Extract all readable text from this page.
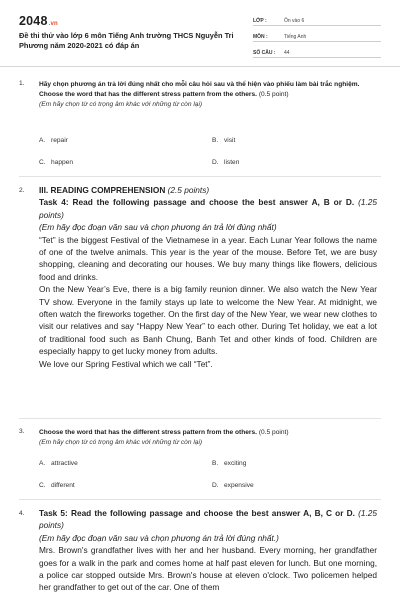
2048.vn
Đề thi thử vào lớp 6 môn Tiếng Anh trường THCS Nguyễn Tri Phương năm 2020-2021 có đáp án
LỚP :	Ôn vào 6
MÔN :	Tiếng Anh
SỐ CÂU :	44
1.	Hãy chọn phương án trả lời đúng nhất cho mỗi câu hỏi sau và thể hiện vào phiếu làm bài trắc nghiệm.
Choose the word that has the different stress pattern from the others. (0.5 point)
(Em hãy chọn từ có trọng âm khác với những từ còn lại)
A. repair	B. visit
C. happen	D. listen
2. III. READING COMPREHENSION (2.5 points)
Task 4: Read the following passage and choose the best answer A, B or D. (1.25 points)
(Em hãy đọc đoạn văn sau và chọn phương án trả lời đúng nhất)

“Tet” is the biggest Festival of the Vietnamese in a year. Each Lunar Year follows the name of one of the twelve animals. This year is the year of the mouse. Before Tet, we are busy shopping, cleaning and decorating our houses. We buy many things like flowers, delicious food and drinks.

On the New Year’s Eve, there is a big family reunion dinner. We also watch the New Year TV show. Everyone in the family stays up late to welcome the New Year. At midnight, we often watch the fireworks together. On the first day of the New Year, we wear new clothes to visit our relatives and say “Happy New Year” to each other. During Tet holiday, we eat a lot of traditional food such as Banh Chung, Banh Tet and other kinds of food. Children are especially happy to get lucky money from adults.

We love our Spring Festival which we call “Tet”.

3.	Choose the word that has the different stress pattern from the others. (0.5 point)
(Em hãy chọn từ có trọng âm khác với những từ còn lại)
A. attractive	B. exciting
C. different	D. expensive
4. Task 5: Read the following passage and choose the best answer A, B, C or D. (1.25 points)
(Em hãy đọc đoạn văn sau và chọn phương án trả lời đúng nhất.)

Mrs. Brown's grandfather lives with her and her husband. Every morning, her grandfather goes for a walk in the park and comes home at half past eleven for lunch. But one morning, a police car stopped outside Mrs. Brown's house at eleven o'clock. Two policemen helped her grandfather to get out of the car. One of them
